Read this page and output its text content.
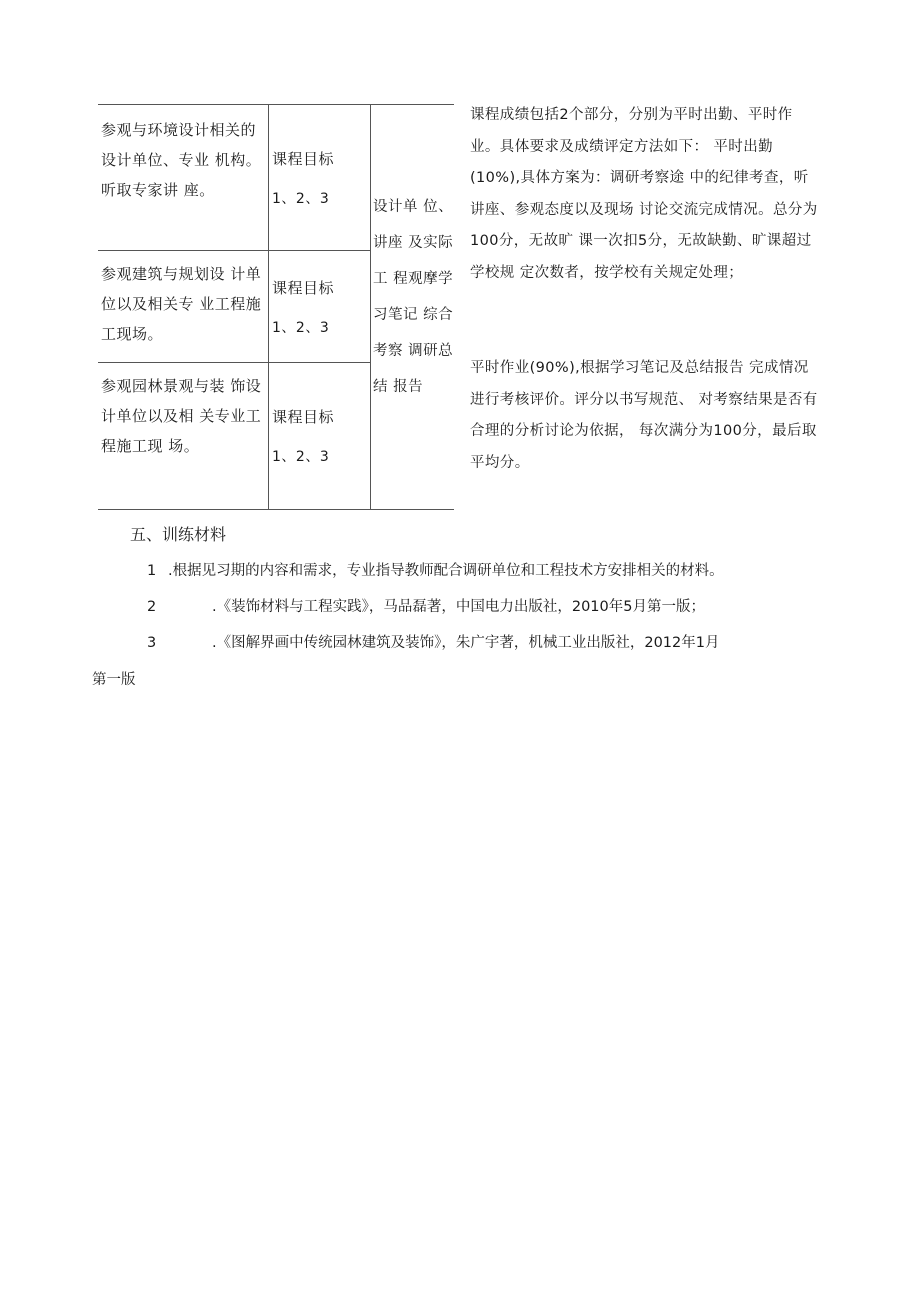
参观与环境设计相关的设计单位、专业 机构。听取专家讲 座。
课程目标
1、2、3
参观建筑与规划设 计单位以及相关专 业工程施工现场。
课程目标
1、2、3
参观园林景观与装 饰设计单位以及相 关专业工程施工现 场。
课程目标
1、2、3
设计单 位、讲座 及实际工 程观摩学 习笔记 综合考察 调研总结 报告
课程成绩包括2个部分，分别为平时出勤、平时作业。具体要求及成绩评定方法如下： 平时出勤(10%),具体方案为：调研考察途 中的纪律考查，听讲座、参观态度以及现场 讨论交流完成情况。总分为100分，无故旷 课一次扣5分，无故缺勤、旷课超过学校规 定次数者，按学校有关规定处理；
平时作业(90%),根据学习笔记及总结报告 完成情况进行考核评价。评分以书写规范、 对考察结果是否有合理的分析讨论为依据， 每次满分为100分，最后取平均分。
五、训练材料
1 .根据见习期的内容和需求，专业指导教师配合调研单位和工程技术方安排相关的材料。
2	.《装饰材料与工程实践》，马品磊著，中国电力出版社，2010年5月第一版；
3	.《图解界画中传统园林建筑及装饰》，朱广宇著，机械工业出版社，2012年1月
第一版
